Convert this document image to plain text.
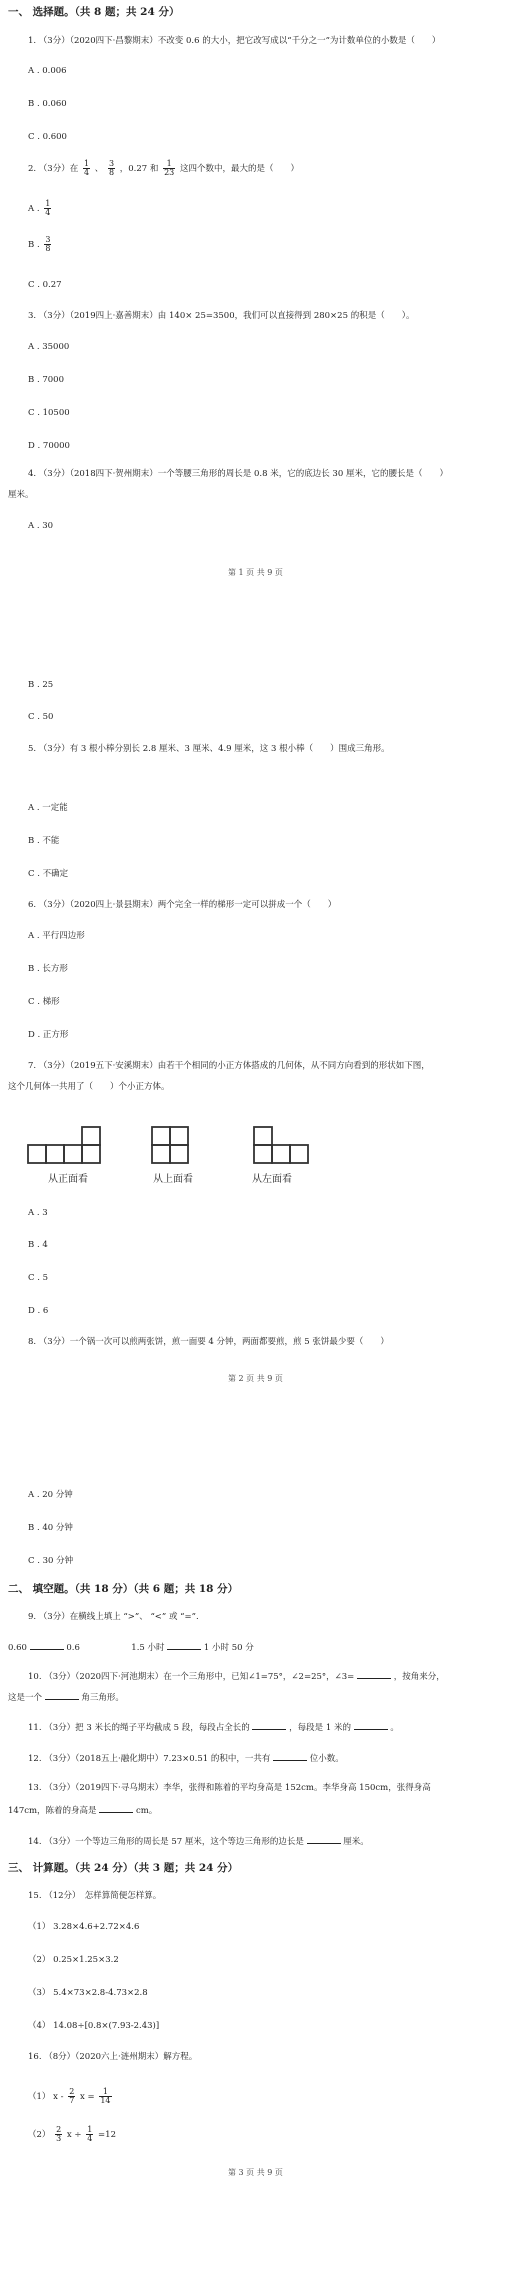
一、 选择题。（共 8 题；共 24 分）
1. （3分）（2020四下·昌黎期末）不改变 0.6 的大小，把它改写成以“千分之一”为计数单位的小数是（　　）
A . 0.006
B . 0.060
C . 0.600
2. （3分）在 $\frac{1}{4}$ 、 $\frac{3}{8}$ ，0.27 和 $\frac{1}{23}$ 这四个数中，最大的是（　　）
A . $\frac{1}{4}$
B . $\frac{3}{8}$
C . 0.27
3. （3分）（2019四上·嘉善期末）由 140× 25=3500，我们可以直接得到 280×25 的积是（　　）。
A . 35000
B . 7000
C . 10500
D . 70000
4. （3分）（2018四下·贺州期末）一个等腰三角形的周长是 0.8 米，它的底边长 30 厘米，它的腰长是（　　）
厘米。
A . 30
第 1 页 共 9 页
B . 25
C . 50
5. （3分）有 3 根小棒分别长 2.8 厘米、3 厘米、4.9 厘米，这 3 根小棒（　　）围成三角形。
A . 一定能
B . 不能
C . 不确定
6. （3分）（2020四上·景县期末）两个完全一样的梯形一定可以拼成一个（　　）
A . 平行四边形
B . 长方形
C . 梯形
D . 正方形
7. （3分）（2019五下·安溪期末）由若干个相同的小正方体搭成的几何体，从不同方向看到的形状如下图，
这个几何体一共用了（　　）个小正方体。
从正面看	从上面看	从左面看
A . 3
B . 4
C . 5
D . 6
8. （3分）一个锅一次可以煎两张饼，煎一面要 4 分钟，两面都要煎，煎 5 张饼最少要（　　）
第 2 页 共 9 页
A . 20 分钟
B . 40 分钟
C . 30 分钟
二、 填空题。（共 18 分）（共 6 题；共 18 分）
9. （3分）在横线上填上 “>”、 “<” 或 “=”.
0.60	0.6	1.5 小时	1 小时 50 分
10. （3分）（2020四下·河池期末）在一个三角形中，已知∠1=75°，∠2=25°，∠3=	，按角来分，
这是一个	角三角形。
11. （3分）把 3 米长的绳子平均截成 5 段，每段占全长的	，每段是 1 米的	。
12. （3分）（2018五上·融化期中）7.23×0.51 的积中，一共有	位小数。
13. （3分）（2019四下·寻乌期末）李华，张得和陈着的平均身高是 152cm。李华身高 150cm，张得身高
147cm，陈着的身高是	cm。
14. （3分）一个等边三角形的周长是 57 厘米，这个等边三角形的边长是	厘米。
三、 计算题。（共 24 分）（共 3 题；共 24 分）
15. （12分）　怎样算简便怎样算。
（1） 3.28×4.6+2.72×4.6
（2） 0.25×1.25×3.2
（3） 5.4×73×2.8-4.73×2.8
（4） 14.08÷[0.8×(7.93-2.43)]
16. （8分）（2020六上·涟州期末）解方程。
（1） x - $\frac{2}{7}$ $x = \frac{1}{14}$
$(2) \frac{2}{3}$ $x \div \frac{1}{4} =12$
第 3 页 共 9 页
